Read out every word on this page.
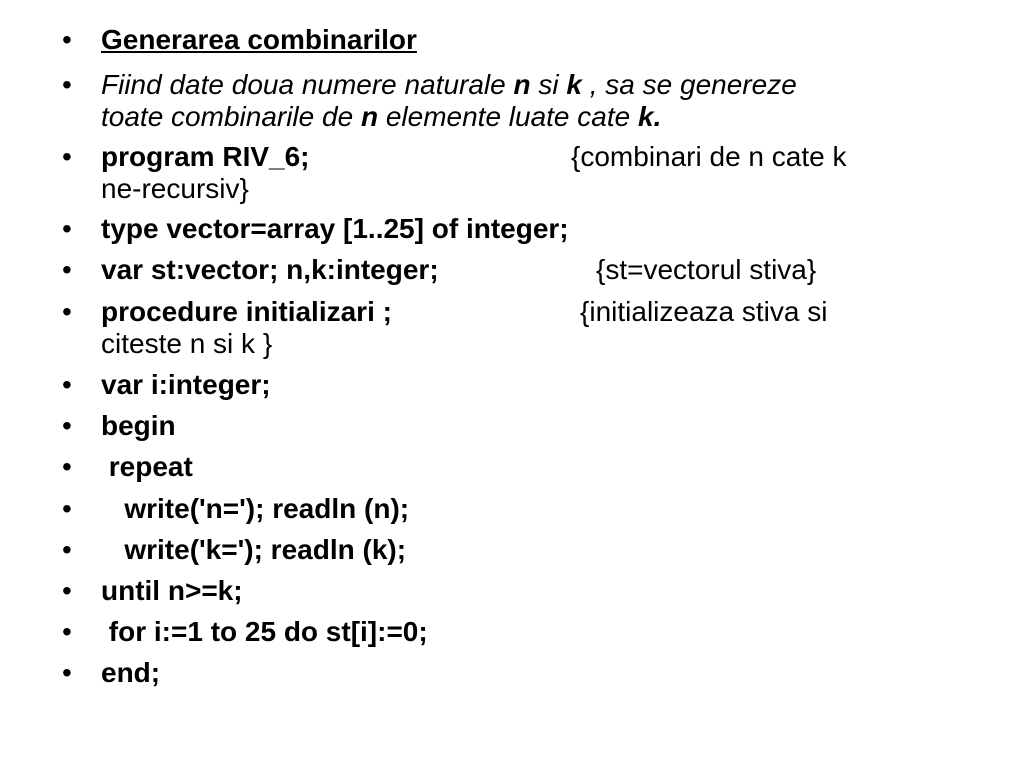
• Generarea combinarilor
• Fiind date doua numere naturale n si k , sa se genereze
toate combinarile de n elemente luate cate k.
• program RIV_6;	{combinari de n cate k
ne-recursiv}
• type vector=array [1..25] of integer;
• var st:vector; n,k:integer;	{st=vectorul stiva}
• procedure initializari ;	{initializeaza stiva si
citeste n si k }
• var i:integer;
• begin
• repeat
• write('n='); readln (n);
• write('k='); readln (k);
• until n>=k;
• for i:=1 to 25 do st[i]:=0;
• end;
